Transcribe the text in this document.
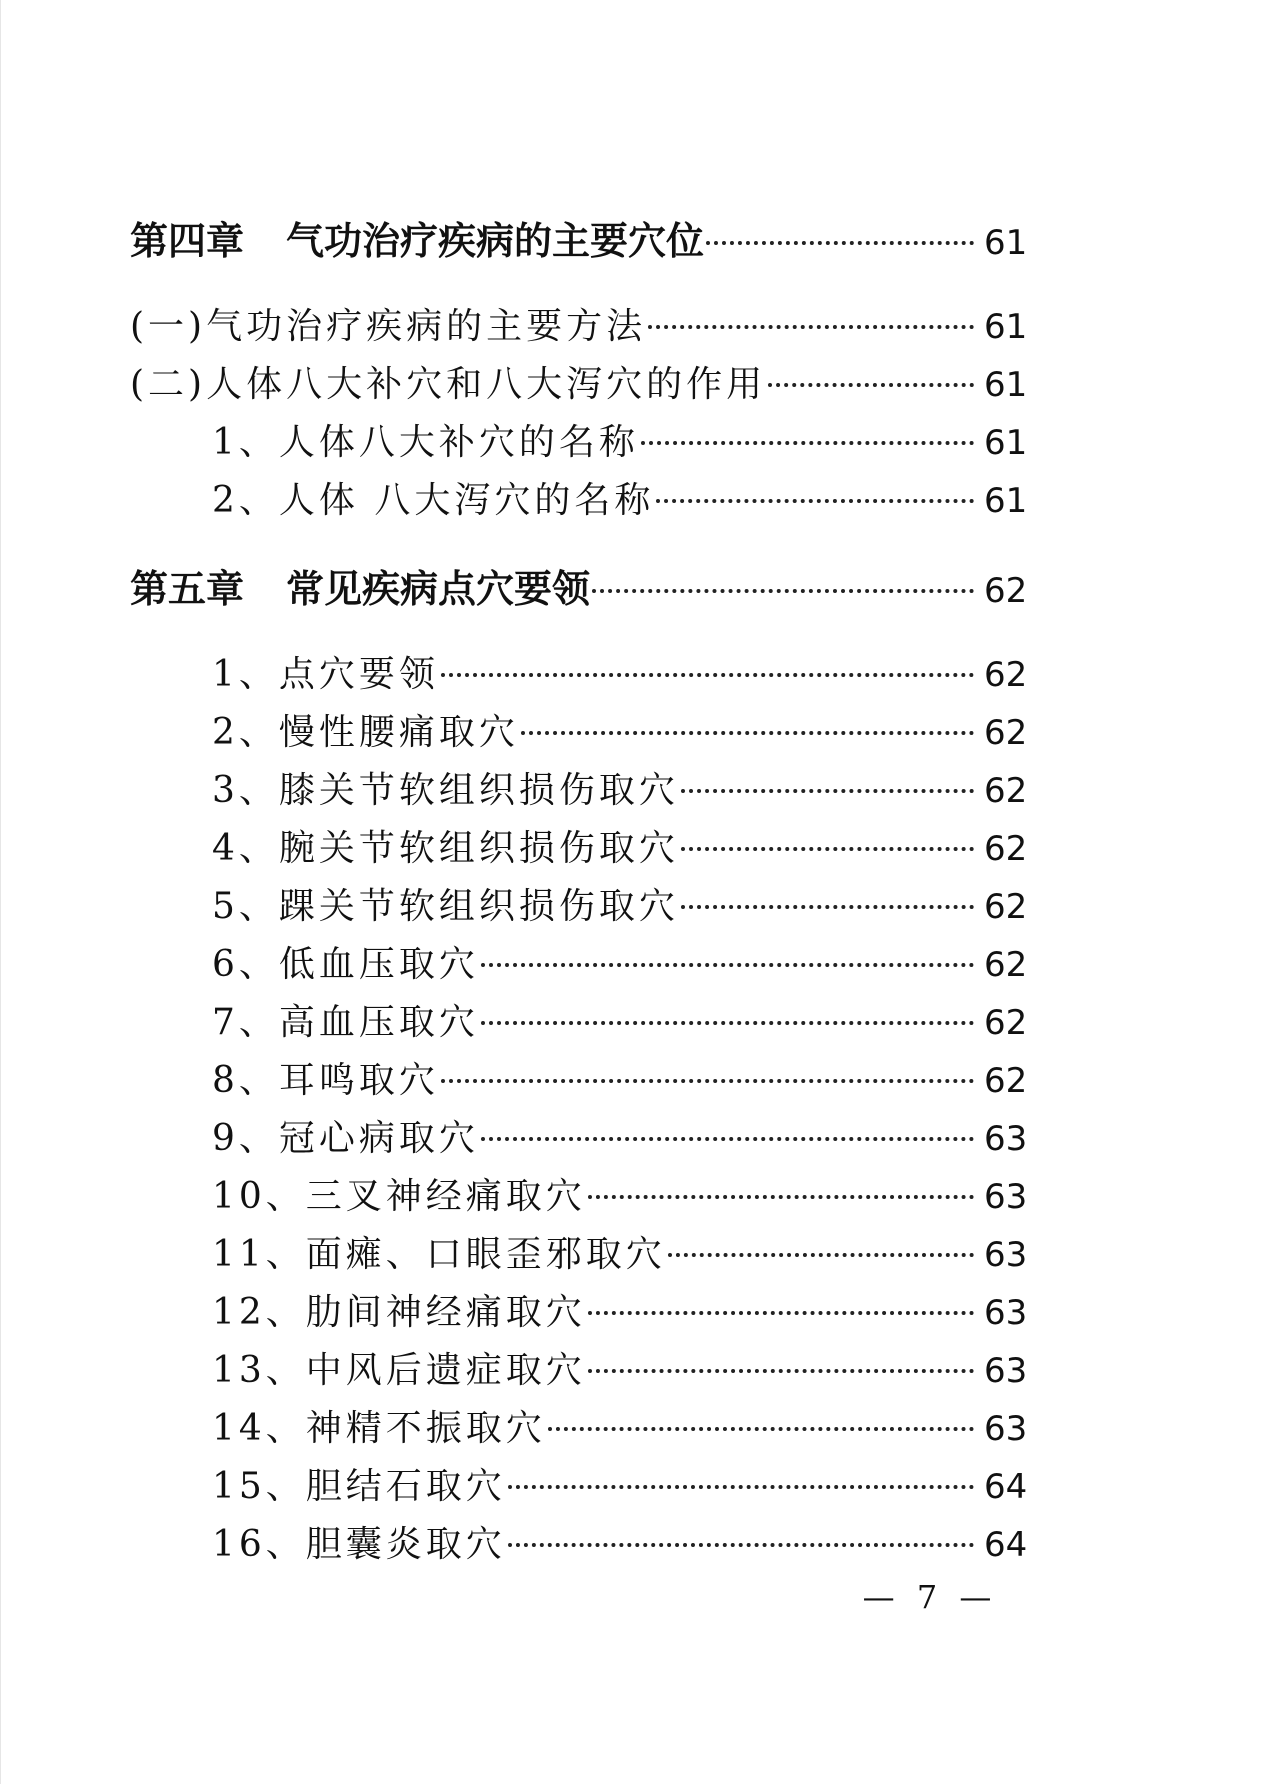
第四章 气功治疗疾病的主要穴位	61
(一)气功治疗疾病的主要方法	61
(二)人体八大补穴和八大泻穴的作用	61
1、人体八大补穴的名称	61
2、人体 八大泻穴的名称	61
第五章 常见疾病点穴要领	62
1、点穴要领	62
2、慢性腰痛取穴	62
3、膝关节软组织损伤取穴	62
4、腕关节软组织损伤取穴	62
5、踝关节软组织损伤取穴	62
6、低血压取穴	62
7、高血压取穴	62
8、耳鸣取穴	62
9、冠心病取穴	63
10、三叉神经痛取穴	63
11、面瘫、口眼歪邪取穴	63
12、肋间神经痛取穴	63
13、中风后遗症取穴	63
14、神精不振取穴	63
15、胆结石取穴	64
16、胆囊炎取穴	64
— 7 —
